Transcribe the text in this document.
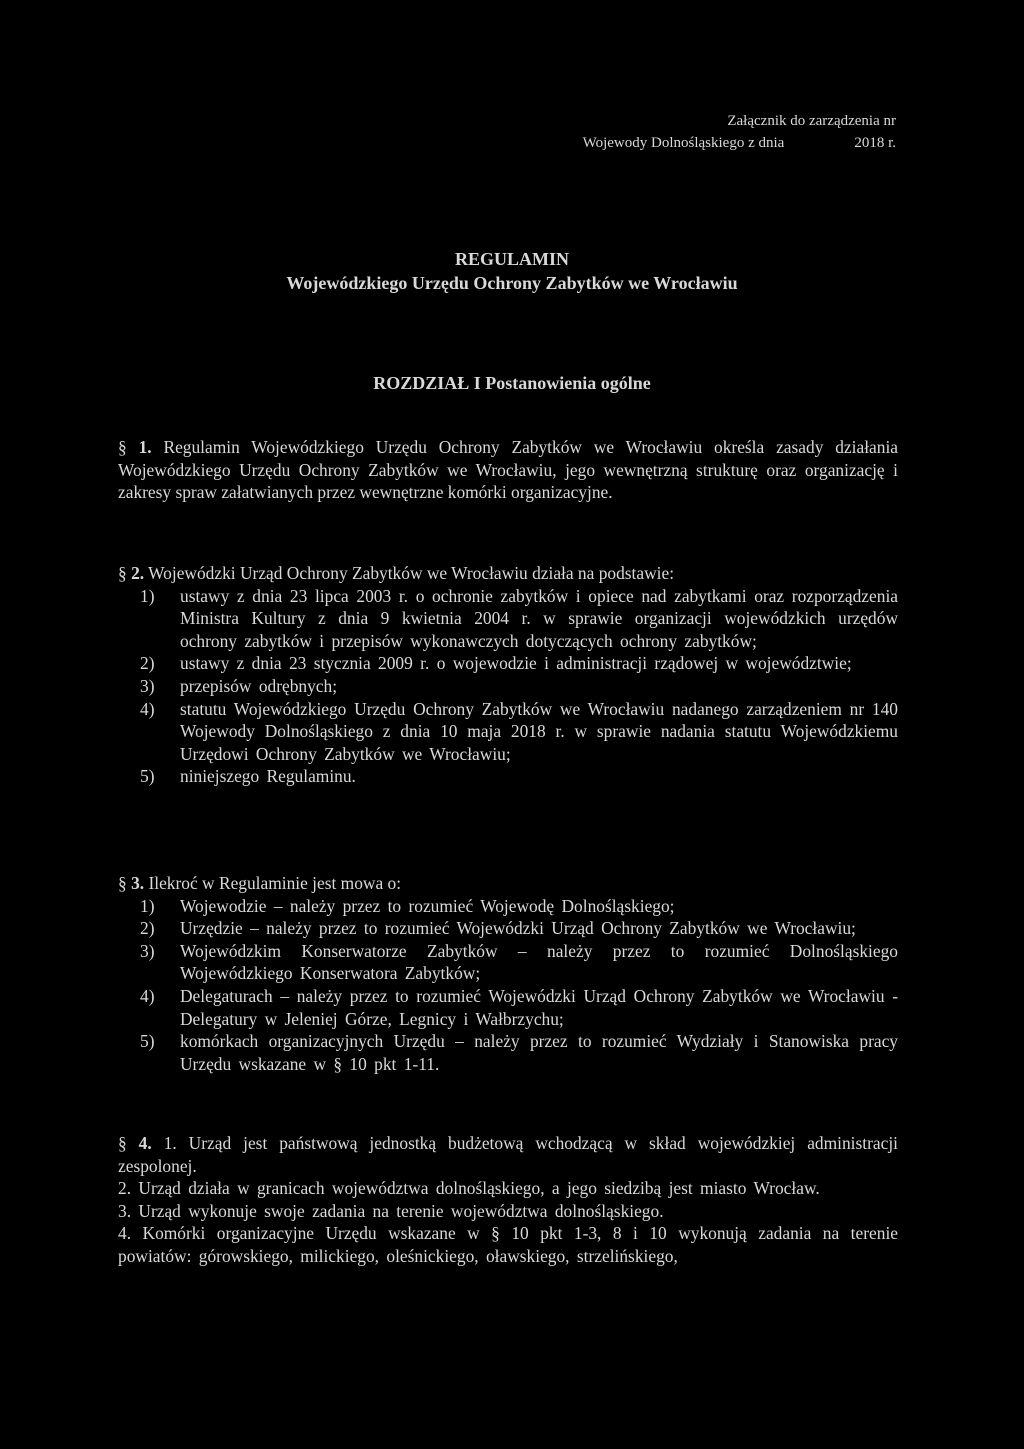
Załącznik do zarządzenia nr
Wojewody Dolnośląskiego z dnia	2018 r.
REGULAMIN
Wojewódzkiego Urzędu Ochrony Zabytków we Wrocławiu
ROZDZIAŁ I Postanowienia ogólne

§ 1. Regulamin Wojewódzkiego Urzędu Ochrony Zabytków we Wrocławiu określa zasady działania Wojewódzkiego Urzędu Ochrony Zabytków we Wrocławiu, jego wewnętrzną strukturę oraz organizację i zakresy spraw załatwianych przez wewnętrzne komórki organizacyjne.

§ 2. Wojewódzki Urząd Ochrony Zabytków we Wrocławiu działa na podstawie:

1)	ustawy z dnia 23 lipca 2003 r. o ochronie zabytków i opiece nad zabytkami oraz rozporządzenia Ministra Kultury z dnia 9 kwietnia 2004 r. w sprawie organizacji wojewódzkich urzędów ochrony zabytków i przepisów wykonawczych dotyczących ochrony zabytków;
2)	ustawy z dnia 23 stycznia 2009 r. o wojewodzie i administracji rządowej w województwie;
3)	przepisów odrębnych;
4)	statutu Wojewódzkiego Urzędu Ochrony Zabytków we Wrocławiu nadanego zarządzeniem nr 140 Wojewody Dolnośląskiego z dnia 10 maja 2018 r. w sprawie nadania statutu Wojewódzkiemu Urzędowi Ochrony Zabytków we Wrocławiu;
5)	niniejszego Regulaminu.

§ 3. Ilekroć w Regulaminie jest mowa o:

1)	Wojewodzie – należy przez to rozumieć Wojewodę Dolnośląskiego;
2)	Urzędzie – należy przez to rozumieć Wojewódzki Urząd Ochrony Zabytków we Wrocławiu;
3)	Wojewódzkim Konserwatorze Zabytków – należy przez to rozumieć Dolnośląskiego Wojewódzkiego Konserwatora Zabytków;
4)	Delegaturach – należy przez to rozumieć Wojewódzki Urząd Ochrony Zabytków we Wrocławiu - Delegatury w Jeleniej Górze, Legnicy i Wałbrzychu;
5)	komórkach organizacyjnych Urzędu – należy przez to rozumieć Wydziały i Stanowiska pracy Urzędu wskazane w § 10 pkt 1-11.

§ 4. 1. Urząd jest państwową jednostką budżetową wchodzącą w skład wojewódzkiej administracji zespolonej.

2. Urząd działa w granicach województwa dolnośląskiego, a jego siedzibą jest miasto Wrocław.

3. Urząd wykonuje swoje zadania na terenie województwa dolnośląskiego.

4. Komórki organizacyjne Urzędu wskazane w § 10 pkt 1-3, 8 i 10 wykonują zadania na terenie powiatów: górowskiego, milickiego, oleśnickiego, oławskiego, strzelińskiego,
